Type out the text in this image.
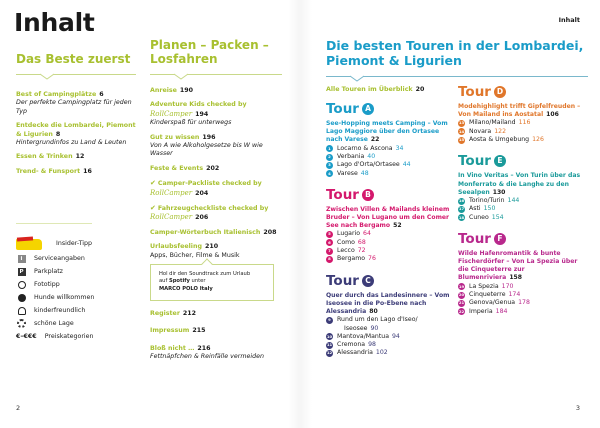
Inhalt
Das Beste zuerst
Best of Campingplätze 6
Der perfekte Campingplatz für jeden Typ
Entdecke die Lombardei, Piemont & Ligurien 8
Hintergrundinfos zu Land & Leuten
Essen & Trinken 12
Trend- & Funsport 16
Insider-Tipp
i	Serviceangaben
P	Parkplatz
Fototipp
Hunde willkommen
kinderfreundlich
schöne Lage
€–€€€ Preiskategorien
Planen – Packen – Losfahren
Anreise 190
Adventure Kids checked by RollCamper 194
Kinderspaß für unterwegs
Gut zu wissen 196
Von A wie Alkoholgesetze bis W wie Wasser
Feste & Events 202
✔ Camper-Packliste checked by RollCamper 204
✔ Fahrzeugcheckliste checked by RollCamper 206
Camper-Wörterbuch Italienisch 208
Urlaubsfeeling 210
Apps, Bücher, Filme & Musik
Hol dir den Soundtrack zum Urlaub
auf Spotify unter
MARCO POLO Italy
Register 212
Impressum 215
Bloß nicht … 216
Fettnäpfchen & Reinfälle vermeiden
2
Inhalt
Die besten Touren in der Lombardei, Piemont & Ligurien
Alle Touren im Überblick 20
Tour A
See-Hopping meets Camping – Vom Lago Maggiore über den Ortasee nach Varese 22
1 Locarno & Ascona 34
2 Verbania 40
3 Lago d'Orta/Ortasee 44
4 Varese 48
Tour B
Zwischen Villen & Mailands kleinem Bruder – Von Lugano um den Comer See nach Bergamo 52
5 Lugario 64
6 Como 68
7 Lecco 72
8 Bergamo 76
Tour C
Quer durch das Landesinnere – Vom Iseosee in die Po-Ebene nach Alessandria 80
9 Rund um den Lago d'Iseo/
Iseosee 90
10 Mantova/Mantua 94
11 Cremona 98
12 Alessandria 102
Tour D
Modehighlight trifft Gipfelfreuden – Von Mailand ins Aostatal 106
13 Milano/Mailand 116
14 Novara 122
15 Aosta & Umgebung 126
Tour E
In Vino Veritas – Von Turin über das Monferrato & die Langhe zu den Seealpen 130
16 Torino/Turin 144
17 Asti 150
18 Cuneo 154
Tour F
Wilde Hafenromantik & bunte Fischerdörfer – Von La Spezia über die Cinqueterre zur Blumenriviera 158
19 La Spezia 170
20 Cinqueterre 174
21 Genova/Genua 178
22 Imperia 184
3
